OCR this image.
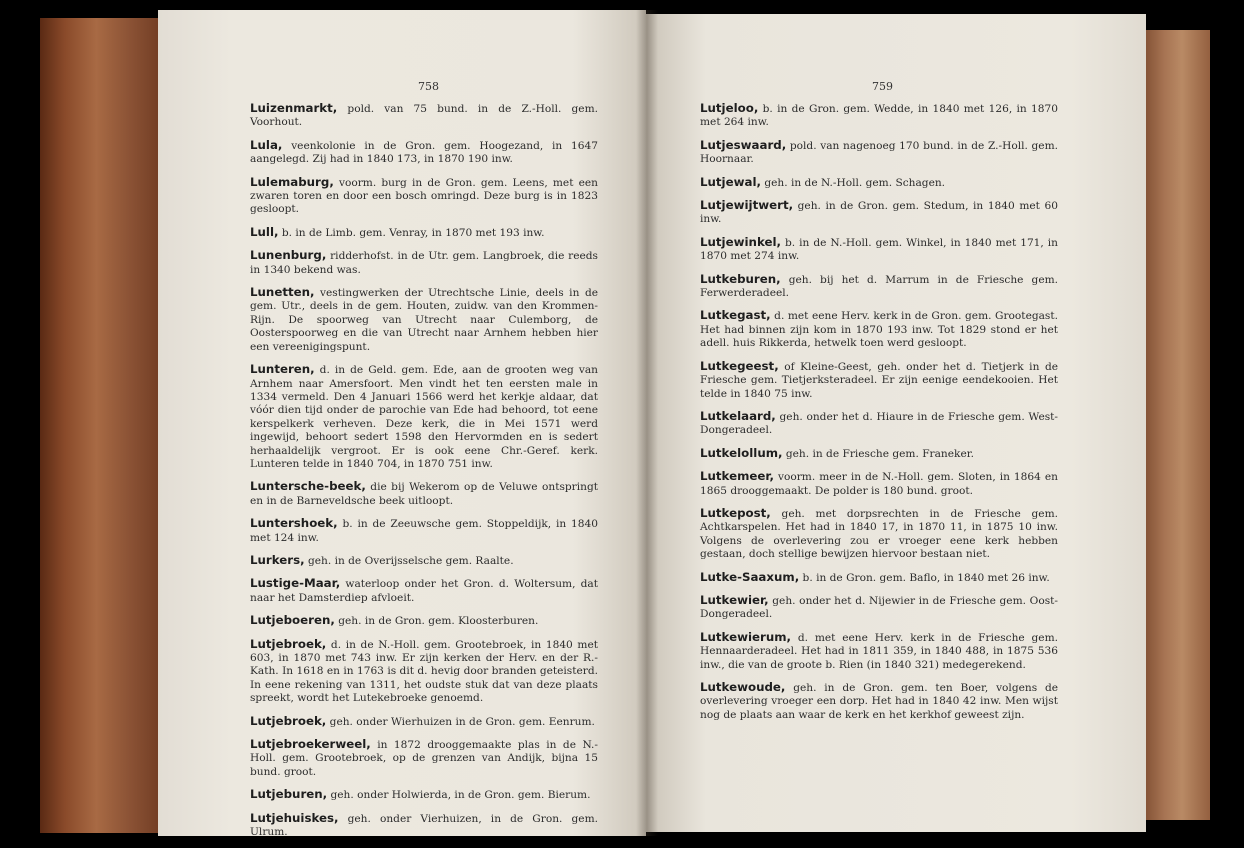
758	759

Luizenmarkt, pold. van 75 bund. in de Z.-Holl. gem. Voorhout.

Lula, veenkolonie in de Gron. gem. Hoogezand, in 1647 aangelegd. Zij had in 1840 173, in 1870 190 inw.

Lulemaburg, voorm. burg in de Gron. gem. Leens, met een zwaren toren en door een bosch omringd. Deze burg is in 1823 gesloopt.

Lull, b. in de Limb. gem. Venray, in 1870 met 193 inw.

Lunenburg, ridderhofst. in de Utr. gem. Langbroek, die reeds in 1340 bekend was.

Lunetten, vestingwerken der Utrechtsche Linie, deels in de gem. Utr., deels in de gem. Houten, zuidw. van den Krommen-Rijn. De spoorweg van Utrecht naar Culemborg, de Oosterspoorweg en die van Utrecht naar Arnhem hebben hier een vereenigingspunt.

Lunteren, d. in de Geld. gem. Ede, aan de grooten weg van Arnhem naar Amersfoort. Men vindt het ten eersten male in 1334 vermeld. Den 4 Januari 1566 werd het kerkje aldaar, dat vóór dien tijd onder de parochie van Ede had behoord, tot eene kerspelkerk verheven. Deze kerk, die in Mei 1571 werd ingewijd, behoort sedert 1598 den Hervormden en is sedert herhaaldelijk vergroot. Er is ook eene Chr.-Geref. kerk. Lunteren telde in 1840 704, in 1870 751 inw.

Luntersche-beek, die bij Wekerom op de Veluwe ontspringt en in de Barneveldsche beek uitloopt.

Luntershoek, b. in de Zeeuwsche gem. Stoppeldijk, in 1840 met 124 inw.

Lurkers, geh. in de Overijsselsche gem. Raalte.

Lustige-Maar, waterloop onder het Gron. d. Woltersum, dat naar het Damsterdiep afvloeit.

Lutjeboeren, geh. in de Gron. gem. Kloosterburen.

Lutjebroek, d. in de N.-Holl. gem. Grootebroek, in 1840 met 603, in 1870 met 743 inw. Er zijn kerken der Herv. en der R.-Kath. In 1618 en in 1763 is dit d. hevig door branden geteisterd. In eene rekening van 1311, het oudste stuk dat van deze plaats spreekt, wordt het Lutekebroeke genoemd.

Lutjebroek, geh. onder Wierhuizen in de Gron. gem. Eenrum.

Lutjebroekerweel, in 1872 drooggemaakte plas in de N.-Holl. gem. Grootebroek, op de grenzen van Andijk, bijna 15 bund. groot.

Lutjeburen, geh. onder Holwierda, in de Gron. gem. Bierum.

Lutjehuiskes, geh. onder Vierhuizen, in de Gron. gem. Ulrum.

Lutjeloo, b. in de Gron. gem. Wedde, in 1840 met 126, in 1870 met 264 inw.

Lutjeswaard, pold. van nagenoeg 170 bund. in de Z.-Holl. gem. Hoornaar.

Lutjewal, geh. in de N.-Holl. gem. Schagen.

Lutjewijtwert, geh. in de Gron. gem. Stedum, in 1840 met 60 inw.

Lutjewinkel, b. in de N.-Holl. gem. Winkel, in 1840 met 171, in 1870 met 274 inw.

Lutkeburen, geh. bij het d. Marrum in de Friesche gem. Ferwerderadeel.

Lutkegast, d. met eene Herv. kerk in de Gron. gem. Grootegast. Het had binnen zijn kom in 1870 193 inw. Tot 1829 stond er het adell. huis Rikkerda, hetwelk toen werd gesloopt.

Lutkegeest, of Kleine-Geest, geh. onder het d. Tietjerk in de Friesche gem. Tietjerksteradeel. Er zijn eenige eendekooien. Het telde in 1840 75 inw.

Lutkelaard, geh. onder het d. Hiaure in de Friesche gem. West-Dongeradeel.

Lutkelollum, geh. in de Friesche gem. Franeker.

Lutkemeer, voorm. meer in de N.-Holl. gem. Sloten, in 1864 en 1865 drooggemaakt. De polder is 180 bund. groot.

Lutkepost, geh. met dorpsrechten in de Friesche gem. Achtkarspelen. Het had in 1840 17, in 1870 11, in 1875 10 inw. Volgens de overlevering zou er vroeger eene kerk hebben gestaan, doch stellige bewijzen hiervoor bestaan niet.

Lutke-Saaxum, b. in de Gron. gem. Baflo, in 1840 met 26 inw.

Lutkewier, geh. onder het d. Nijewier in de Friesche gem. Oost-Dongeradeel.

Lutkewierum, d. met eene Herv. kerk in de Friesche gem. Hennaarderadeel. Het had in 1811 359, in 1840 488, in 1875 536 inw., die van de groote b. Rien (in 1840 321) medegerekend.

Lutkewoude, geh. in de Gron. gem. ten Boer, volgens de overlevering vroeger een dorp. Het had in 1840 42 inw. Men wijst nog de plaats aan waar de kerk en het kerkhof geweest zijn.
